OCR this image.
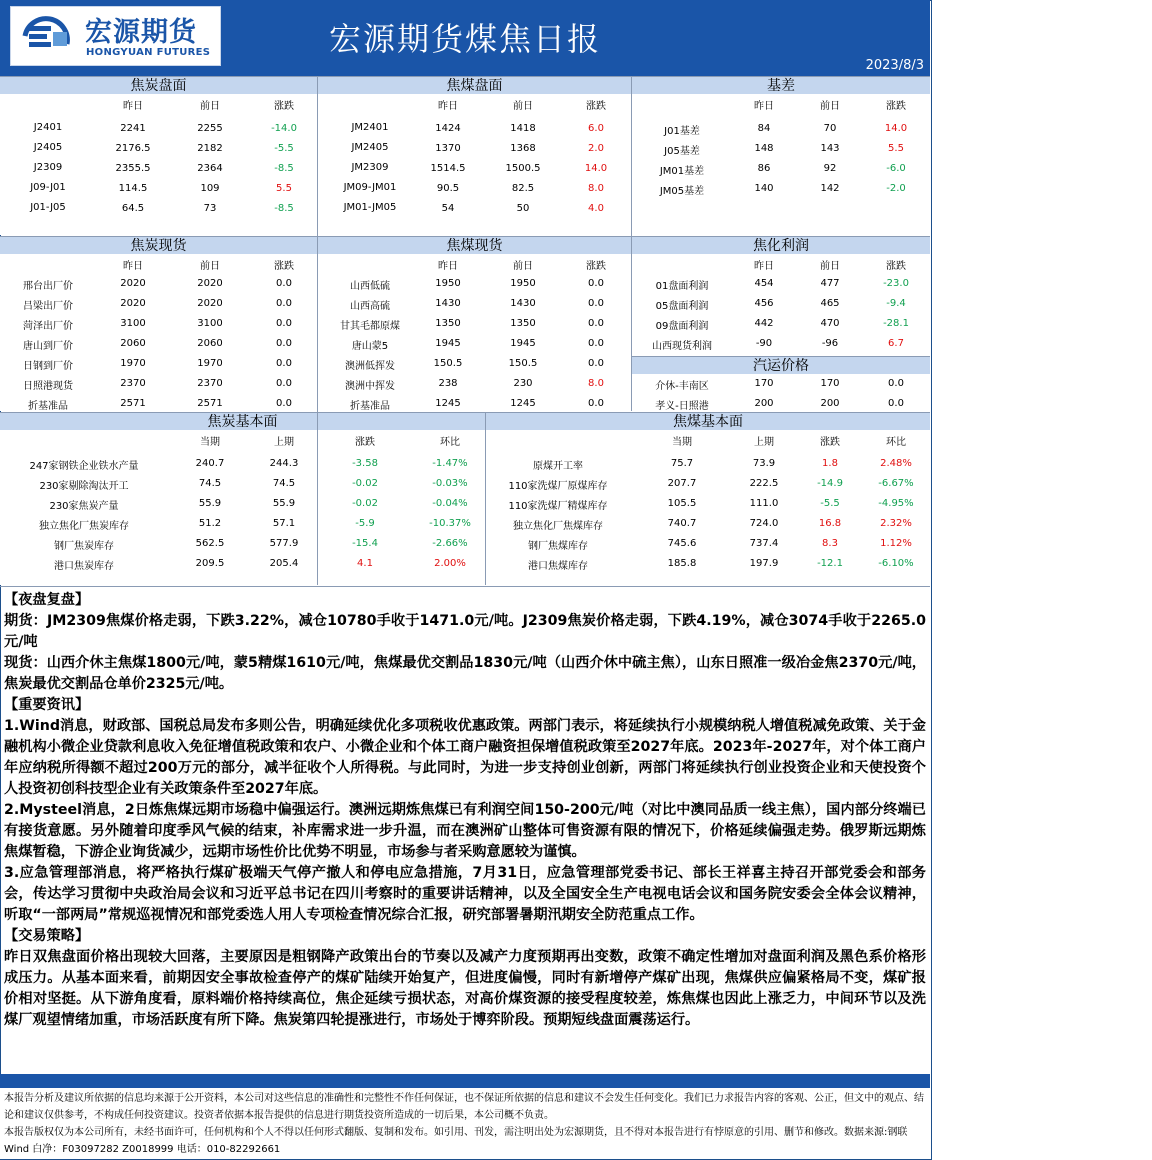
宏源期货
HONGYUAN FUTURES	宏源期货煤焦日报
2023/8/3
焦炭盘面
昨日	前日	涨跌
J2401	2241	2255	-14.0
J2405	2176.5	2182	-5.5
J2309	2355.5	2364	-8.5
J09-J01	114.5	109	5.5
J01-J05	64.5	73	-8.5
焦煤盘面
昨日	前日	涨跌
JM2401	1424	1418	6.0
JM2405	1370	1368	2.0
JM2309	1514.5	1500.5	14.0
JM09-JM01	90.5	82.5	8.0
JM01-JM05	54	50	4.0
基差
昨日	前日	涨跌
J01基差	84	70	14.0
J05基差	148	143	5.5
JM01基差	86	92	-6.0
JM05基差	140	142	-2.0
焦炭现货
昨日	前日	涨跌
邢台出厂价	2020	2020	0.0
吕梁出厂价	2020	2020	0.0
菏泽出厂价	3100	3100	0.0
唐山到厂价	2060	2060	0.0
日钢到厂价	1970	1970	0.0
日照港现货	2370	2370	0.0
折基准品	2571	2571	0.0
焦煤现货
昨日	前日	涨跌
山西低硫	1950	1950	0.0
山西高硫	1430	1430	0.0
甘其毛都原煤	1350	1350	0.0
唐山蒙5	1945	1945	0.0
澳洲低挥发	150.5	150.5	0.0
澳洲中挥发	238	230	8.0
折基准品	1245	1245	0.0
焦化利润
昨日	前日	涨跌
01盘面利润	454	477	-23.0
05盘面利润	456	465	-9.4
09盘面利润	442	470	-28.1
山西现货利润	-90	-96	6.7
汽运价格
介休-丰南区	170	170	0.0
孝义-日照港	200	200	0.0
焦炭基本面
当期	上期	涨跌	环比
247家钢铁企业铁水产量	240.7	244.3	-3.58	-1.47%
230家剔除淘汰开工	74.5	74.5	-0.02	-0.03%
230家焦炭产量	55.9	55.9	-0.02	-0.04%
独立焦化厂焦炭库存	51.2	57.1	-5.9	-10.37%
钢厂焦炭库存	562.5	577.9	-15.4	-2.66%
港口焦炭库存	209.5	205.4	4.1	2.00%
焦煤基本面
当期	上期	涨跌	环比
原煤开工率	75.7	73.9	1.8	2.48%
110家洗煤厂原煤库存	207.7	222.5	-14.9	-6.67%
110家洗煤厂精煤库存	105.5	111.0	-5.5	-4.95%
独立焦化厂焦煤库存	740.7	724.0	16.8	2.32%
钢厂焦煤库存	745.6	737.4	8.3	1.12%
港口焦煤库存	185.8	197.9	-12.1	-6.10%

【夜盘复盘】

期货：JM2309焦煤价格走弱，下跌3.22%，减仓10780手收于1471.0元/吨。J2309焦炭价格走弱，下跌4.19%，减仓3074手收于2265.0元/吨

现货：山西介休主焦煤1800元/吨，蒙5精煤1610元/吨，焦煤最优交割品1830元/吨（山西介休中硫主焦），山东日照准一级冶金焦2370元/吨，焦炭最优交割品仓单价2325元/吨。

【重要资讯】

1.Wind消息，财政部、国税总局发布多则公告，明确延续优化多项税收优惠政策。两部门表示，将延续执行小规模纳税人增值税减免政策、关于金融机构小微企业贷款利息收入免征增值税政策和农户、小微企业和个体工商户融资担保增值税政策至2027年底。2023年-2027年，对个体工商户年应纳税所得额不超过200万元的部分，减半征收个人所得税。与此同时，为进一步支持创业创新，两部门将延续执行创业投资企业和天使投资个人投资初创科技型企业有关政策条件至2027年底。

2.Mysteel消息，2日炼焦煤远期市场稳中偏强运行。澳洲远期炼焦煤已有利润空间150-200元/吨（对比中澳同品质一线主焦），国内部分终端已有接货意愿。另外随着印度季风气候的结束，补库需求进一步升温，而在澳洲矿山整体可售资源有限的情况下，价格延续偏强走势。俄罗斯远期炼焦煤暂稳，下游企业询货减少，远期市场性价比优势不明显，市场参与者采购意愿较为谨慎。

3.应急管理部消息，将严格执行煤矿极端天气停产撤人和停电应急措施，7月31日，应急管理部党委书记、部长王祥喜主持召开部党委会和部务会，传达学习贯彻中央政治局会议和习近平总书记在四川考察时的重要讲话精神，以及全国安全生产电视电话会议和国务院安委会全体会议精神，听取“一部两局”常规巡视情况和部党委选人用人专项检查情况综合汇报，研究部署暑期汛期安全防范重点工作。

【交易策略】

昨日双焦盘面价格出现较大回落，主要原因是粗钢降产政策出台的节奏以及减产力度预期再出变数，政策不确定性增加对盘面利润及黑色系价格形成压力。从基本面来看，前期因安全事故检查停产的煤矿陆续开始复产，但进度偏慢，同时有新增停产煤矿出现，焦煤供应偏紧格局不变，煤矿报价相对坚挺。从下游角度看，原料端价格持续高位，焦企延续亏损状态，对高价煤资源的接受程度较差，炼焦煤也因此上涨乏力，中间环节以及洗煤厂观望情绪加重，市场活跃度有所下降。焦炭第四轮提涨进行，市场处于博弈阶段。预期短线盘面震荡运行。

本报告分析及建议所依据的信息均来源于公开资料，本公司对这些信息的准确性和完整性不作任何保证，也不保证所依据的信息和建议不会发生任何变化。我们已力求报告内容的客观、公正，但文中的观点、结论和建议仅供参考，不构成任何投资建议。投资者依据本报告提供的信息进行期货投资所造成的一切后果，本公司概不负责。
本报告版权仅为本公司所有，未经书面许可，任何机构和个人不得以任何形式翻版、复制和发布。如引用、刊发，需注明出处为宏源期货，且不得对本报告进行有悖原意的引用、删节和修改。数据来源:钢联 Wind 白净：F03097282 Z0018999 电话：010-82292661
